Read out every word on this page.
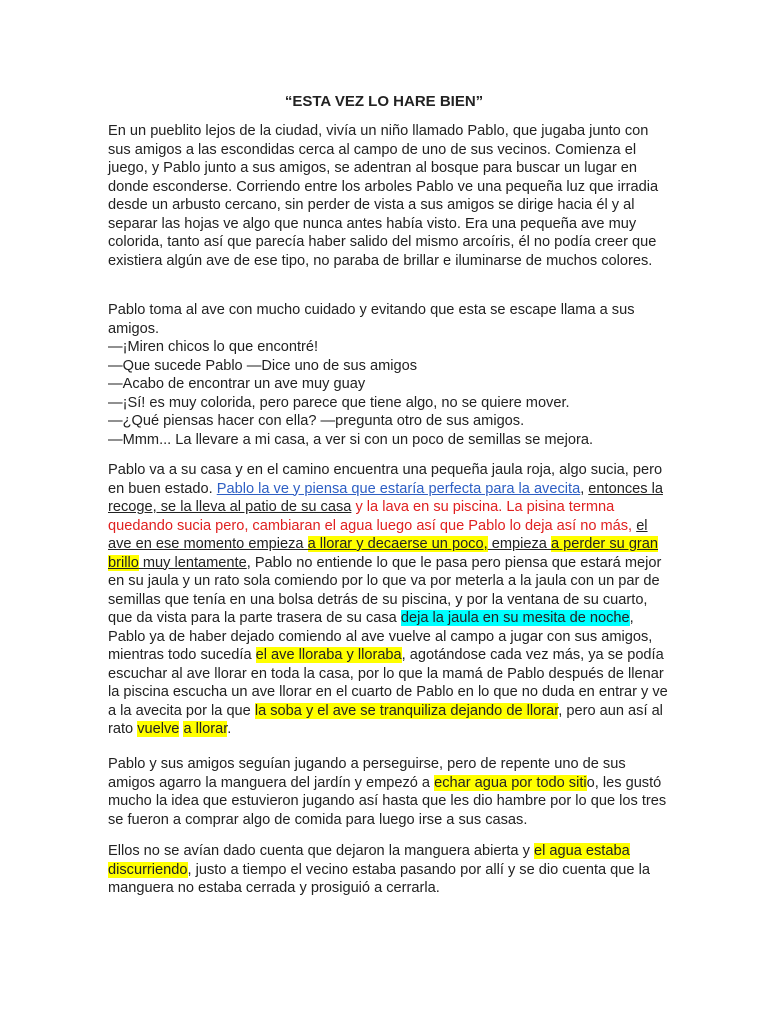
“ESTA VEZ LO HARE BIEN”

En un pueblito lejos de la ciudad, vivía un niño llamado Pablo, que jugaba junto con sus amigos a las escondidas cerca al campo de uno de sus vecinos. Comienza el juego, y Pablo junto a sus amigos, se adentran al bosque para buscar un lugar en donde esconderse. Corriendo entre los arboles Pablo ve una pequeña luz que irradia desde un arbusto cercano, sin perder de vista a sus amigos se dirige hacia él y al separar las hojas ve algo que nunca antes había visto. Era una pequeña ave muy colorida, tanto así que parecía haber salido del mismo arcoíris, él no podía creer que existiera algún ave de ese tipo, no paraba de brillar e iluminarse de muchos colores.

Pablo toma al ave con mucho cuidado y evitando que esta se escape llama a sus amigos.
—¡Miren chicos lo que encontré!
—Que sucede Pablo —Dice uno de sus amigos
—Acabo de encontrar un ave muy guay
—¡Sí! es muy colorida, pero parece que tiene algo, no se quiere mover.
—¿Qué piensas hacer con ella? —pregunta otro de sus amigos.
—Mmm... La llevare a mi casa, a ver si con un poco de semillas se mejora.

Pablo va a su casa y en el camino encuentra una pequeña jaula roja, algo sucia, pero en buen estado. Pablo la ve y piensa que estaría perfecta para la avecita, entonces la recoge, se la lleva al patio de su casa y la lava en su piscina. La pisina termna quedando sucia pero, cambiaran el agua luego así que Pablo lo deja así no más, el ave en ese momento empieza a llorar y decaerse un poco, empieza a perder su gran brillo muy lentamente, Pablo no entiende lo que le pasa pero piensa que estará mejor en su jaula y un rato sola comiendo por lo que va por meterla a la jaula con un par de semillas que tenía en una bolsa detrás de su piscina, y por la ventana de su cuarto, que da vista para la parte trasera de su casa deja la jaula en su mesita de noche, Pablo ya de haber dejado comiendo al ave vuelve al campo a jugar con sus amigos, mientras todo sucedía el ave lloraba y lloraba, agotándose cada vez más, ya se podía escuchar al ave llorar en toda la casa, por lo que la mamá de Pablo después de llenar la piscina escucha un ave llorar en el cuarto de Pablo en lo que no duda en entrar y ve a la avecita por la que la soba y el ave se tranquiliza dejando de llorar, pero aun así al rato vuelve a llorar.

Pablo y sus amigos seguían jugando a perseguirse, pero de repente uno de sus amigos agarro la manguera del jardín y empezó a echar agua por todo sitio, les gustó mucho la idea que estuvieron jugando así hasta que les dio hambre por lo que los tres se fueron a comprar algo de comida para luego irse a sus casas.

Ellos no se avían dado cuenta que dejaron la manguera abierta y el agua estaba discurriendo, justo a tiempo el vecino estaba pasando por allí y se dio cuenta que la manguera no estaba cerrada y prosiguió a cerrarla.
